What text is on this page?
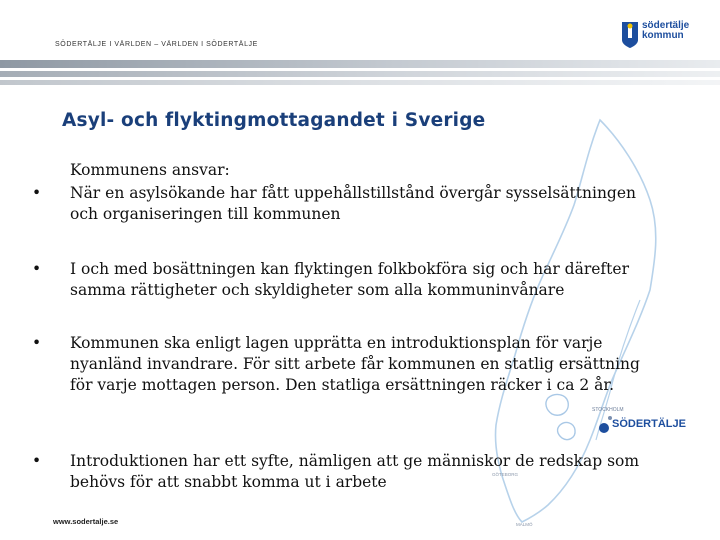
SÖDERTÄLJE I VÄRLDEN – VÄRLDEN I SÖDERTÄLJE
södertälje
kommun
STOCKHOLM
SÖDERTÄLJE
GÖTEBORG
MALMÖ
Asyl- och flyktingmottagandet i Sverige
Kommunens ansvar:
• När en asylsökande har fått uppehållstillstånd övergår sysselsättningen och organiseringen till kommunen
• I och med bosättningen kan flyktingen folkbokföra sig och har därefter samma rättigheter och skyldigheter som alla kommuninvånare
• Kommunen ska enligt lagen upprätta en introduktionsplan för varje nyanländ invandrare. För sitt arbete får kommunen en statlig ersättning för varje mottagen person. Den statliga ersättningen räcker i ca 2 år.
• Introduktionen har ett syfte, nämligen att ge människor de redskap som behövs för att snabbt komma ut i arbete
www.sodertalje.se
